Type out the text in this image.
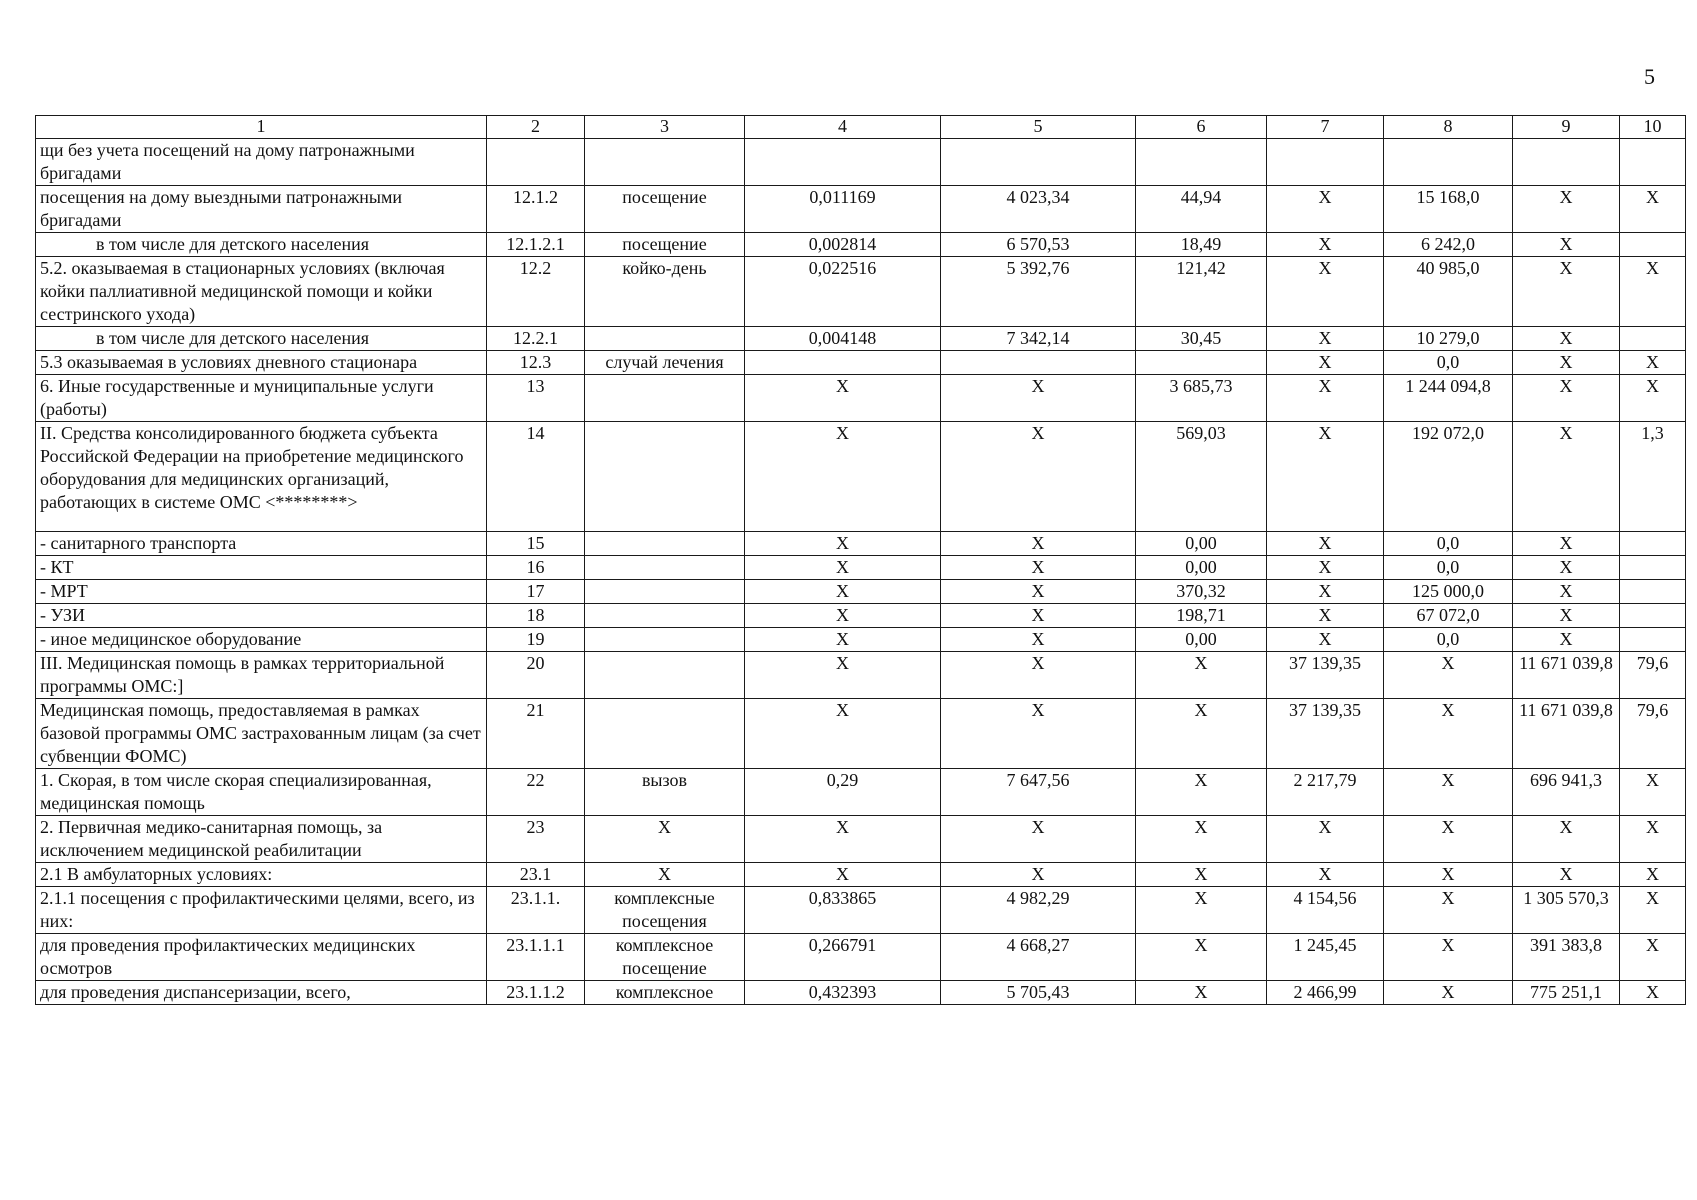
5
1	2	3	4	5	6	7	8	9	10
щи без учета посещений на дому патронажными бригадами									
посещения на дому выездными патронажными бригадами	12.1.2	посещение	0,011169	4 023,34	44,94	Х	15 168,0	Х	Х
в том числе для детского населения	12.1.2.1	посещение	0,002814	6 570,53	18,49	Х	6 242,0	Х	
5.2. оказываемая в стационарных условиях (включая койки паллиативной медицинской помощи и койки сестринского ухода)	12.2	койко-день	0,022516	5 392,76	121,42	Х	40 985,0	Х	Х
в том числе для детского населения	12.2.1		0,004148	7 342,14	30,45	Х	10 279,0	Х	
5.3 оказываемая в условиях дневного стационара	12.3	случай лечения				Х	0,0	Х	Х
6. Иные государственные и муниципальные услуги (работы)	13		Х	Х	3 685,73	Х	1 244 094,8	Х	Х
II. Средства консолидированного бюджета субъекта Российской Федерации на приобретение медицинского оборудования для медицинских организаций, работающих в системе ОМС <********>	14		Х	Х	569,03	Х	192 072,0	Х	1,3
- санитарного транспорта	15		Х	Х	0,00	Х	0,0	Х	
- КТ	16		Х	Х	0,00	Х	0,0	Х	
- МРТ	17		Х	Х	370,32	Х	125 000,0	Х	
- УЗИ	18		Х	Х	198,71	Х	67 072,0	Х	
- иное медицинское оборудование	19		Х	Х	0,00	Х	0,0	Х	
III. Медицинская помощь в рамках территориальной программы ОМС:]	20		Х	Х	Х	37 139,35	Х	11 671 039,8	79,6
Медицинская помощь, предоставляемая в рамках базовой программы ОМС застрахованным лицам (за счет субвенции ФОМС)	21		Х	Х	Х	37 139,35	Х	11 671 039,8	79,6
1. Скорая, в том числе скорая специализированная, медицинская помощь	22	вызов	0,29	7 647,56	Х	2 217,79	Х	696 941,3	Х
2. Первичная медико-санитарная помощь, за исключением медицинской реабилитации	23	Х	Х	Х	Х	Х	Х	Х	Х
2.1 В амбулаторных условиях:	23.1	Х	Х	Х	Х	Х	Х	Х	Х
2.1.1 посещения с профилактическими целями, всего, из них:	23.1.1.	комплексные посещения	0,833865	4 982,29	Х	4 154,56	Х	1 305 570,3	Х
для проведения профилактических медицинских осмотров	23.1.1.1	комплексное посещение	0,266791	4 668,27	Х	1 245,45	Х	391 383,8	Х
для проведения диспансеризации, всего,	23.1.1.2	комплексное	0,432393	5 705,43	Х	2 466,99	Х	775 251,1	Х
